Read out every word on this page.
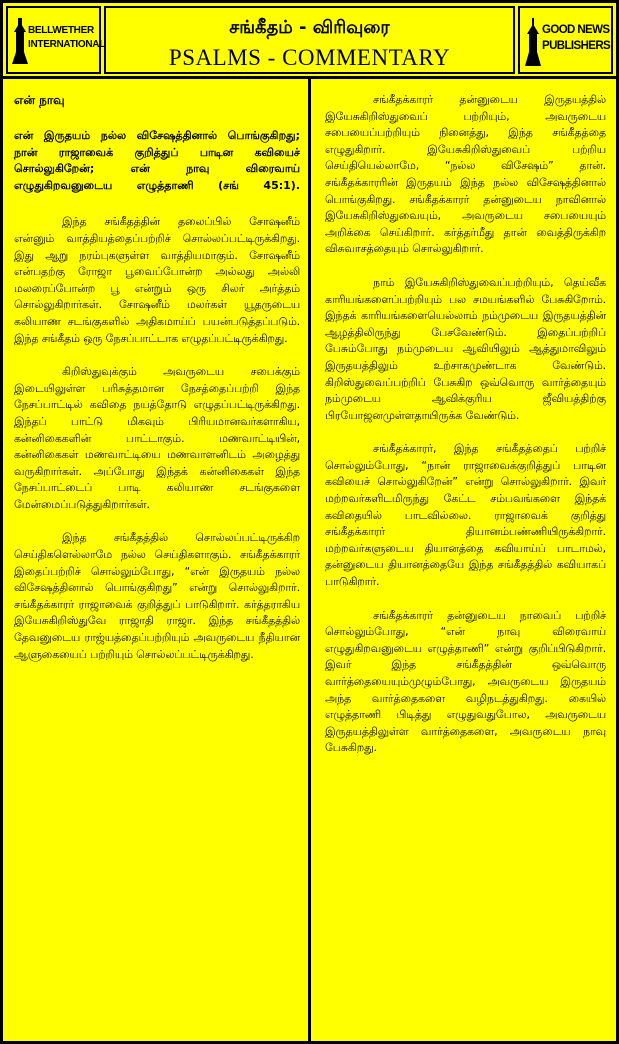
BELLWETHER
INTERNATIONAL
சங்கீதம் - விரிவுரை
PSALMS - COMMENTARY
GOOD NEWS
PUBLISHERS
என் நாவு
என் இருதயம் நல்ல விசேஷத்தினால் பொங்குகிறது; நான் ராஜாவைக் குறித்துப் பாடின கவியைச் சொல்லுகிறேன்; என் நாவு விரைவாய் எழுதுகிறவனுடைய எழுத்தாணி (சங் 45:1).

இந்த சங்கீதத்தின் தலைப்பில் சோஷனீம் என்னும் வாத்தியத்தைப்பற்றிச் சொல்லப்பட்டிருக்கிறது. இது ஆறு நரம்புகளுள்ள வாத்தியமாகும். சோஷனீம் என்பதற்கு ரோஜா பூவைப்போன்ற அல்லது அல்லி மலரைப்போன்ற பூ என்றும் ஒரு சிலர் அர்த்தம் சொல்லுகிறார்கள். சோஷனீம் மலர்கள் யூதருடைய கலியாண சடங்குகளில் அதிகமாய்ப் பயன்படுத்தப்படும். இந்த சங்கீதம் ஒரு நேசப்பாட்டாக எழுதப்பட்டிருக்கிறது.

கிறிஸ்துவுக்கும் அவருடைய சபைக்கும் இடையிலுள்ள பரிசுத்தமான நேசத்தைப்பற்றி இந்த நேசப்பாட்டில் கவிதை நயத்தோடு எழுதப்பட்டிருக்கிறது. இந்தப் பாட்டு மிகவும் பிரியமானவர்களாகிய, கன்னிகைகளின் பாட்டாகும். மணவாட்டியின், கன்னிகைகள் மணவாட்டியை மணவாளனிடம் அழைத்து வருகிறார்கள். அப்போது இந்தக் கன்னிகைகள் இந்த நேசப்பாட்டைப் பாடி கலியாண சடங்குகளை மேன்மைப்படுத்துகிறார்கள்.

இந்த சங்கீதத்தில் சொல்லப்பட்டிருக்கிற செய்திகளெல்லாமே நல்ல செய்திகளாகும். சங்கீதக்காரர் இதைப்பற்றிச் சொல்லும்போது, “என் இருதயம் நல்ல விசேஷத்தினால் பொங்குகிறது” என்று சொல்லுகிறார். சங்கீதக்காரர் ராஜாவைக் குறித்துப் பாடுகிறார். கர்த்தராகிய இயேசுகிறிஸ்துவே ராஜாதி ராஜா. இந்த சங்கீதத்தில் தேவனுடைய ராஜ்யத்தைப்பற்றியும் அவருடைய நீதியான ஆளுகையைப் பற்றியும் சொல்லப்பட்டிருக்கிறது.

சங்கீதக்காரர் தன்னுடைய இருதயத்தில் இயேசுகிறிஸ்துவைப் பற்றியும், அவருடைய சபையைப்பற்றியும் நினைத்து, இந்த சங்கீதத்தை எழுதுகிறார். இயேசுகிறிஸ்துவைப் பற்றிய செய்தியெல்லாமே, “நல்ல விசேஷம்” தான். சங்கீதக்காரரின் இருதயம் இந்த நல்ல விசேஷத்தினால் பொங்குகிறது. சங்கீதக்காரர் தன்னுடைய நாவினால் இயேசுகிறிஸ்துவையும், அவருடைய சபையையும் அறிக்கை செய்கிறார். கர்த்தர்மீது தான் வைத்திருக்கிற விசுவாசத்தையும் சொல்லுகிறார்.

நாம் இயேசுகிறிஸ்துவைப்பற்றியும், தெய்வீக காரியங்களைப்பற்றியும் பல சமயங்களில் பேசுகிறோம். இந்தக் காரியங்களையெல்லாம் நம்முடைய இருதயத்தின் ஆழத்திலிருந்து பேசவேண்டும். இதைப்பற்றிப் பேசும்போது நம்முடைய ஆவியிலும் ஆத்துமாவிலும் இருதயத்திலும் உற்சாகமுண்டாக வேண்டும். கிறிஸ்துவைப்பற்றிப் பேசுகிற ஒவ்வொரு வார்த்தையும் நம்முடைய ஆவிக்குரிய ஜீவியத்திற்கு பிரயோஜனமுள்ளதாயிருக்க வேண்டும்.

சங்கீதக்காரர், இந்த சங்கீதத்தைப் பற்றிச் சொல்லும்போது, “நான் ராஜாவைக்குறித்துப் பாடின கவியைச் சொல்லுகிறேன்” என்று சொல்லுகிறார். இவர் மற்றவர்களிடமிருந்து கேட்ட சம்பவங்களை இந்தக் கவிதையில் பாடவில்லை. ராஜாவைக் குறித்து சங்கீதக்காரர் தியானம்பண்ணியிருக்கிறார். மற்றவர்களுடைய தியானத்தை கவியாய்ப் பாடாமல், தன்னுடைய தியானத்தையே இந்த சங்கீதத்தில் கவியாகப் பாடுகிறார்.

சங்கீதக்காரர் தன்னுடைய நாவைப் பற்றிச் சொல்லும்போது, “என் நாவு விரைவாய் எழுதுகிறவனுடைய எழுத்தாணி” என்று குறிப்பிடுகிறார். இவர் இந்த சங்கீதத்தின் ஒவ்வொரு வார்த்தையையும்முழும்போது, அவருடைய இருதயம் அந்த வார்த்தைகளை வழிநடத்துகிறது. கையில் எழுத்தாணி பிடித்து எழுதுவதுபோல, அவருடைய இருதயத்திலுள்ள வார்த்தைகளை, அவருடைய நாவு பேசுகிறது.
